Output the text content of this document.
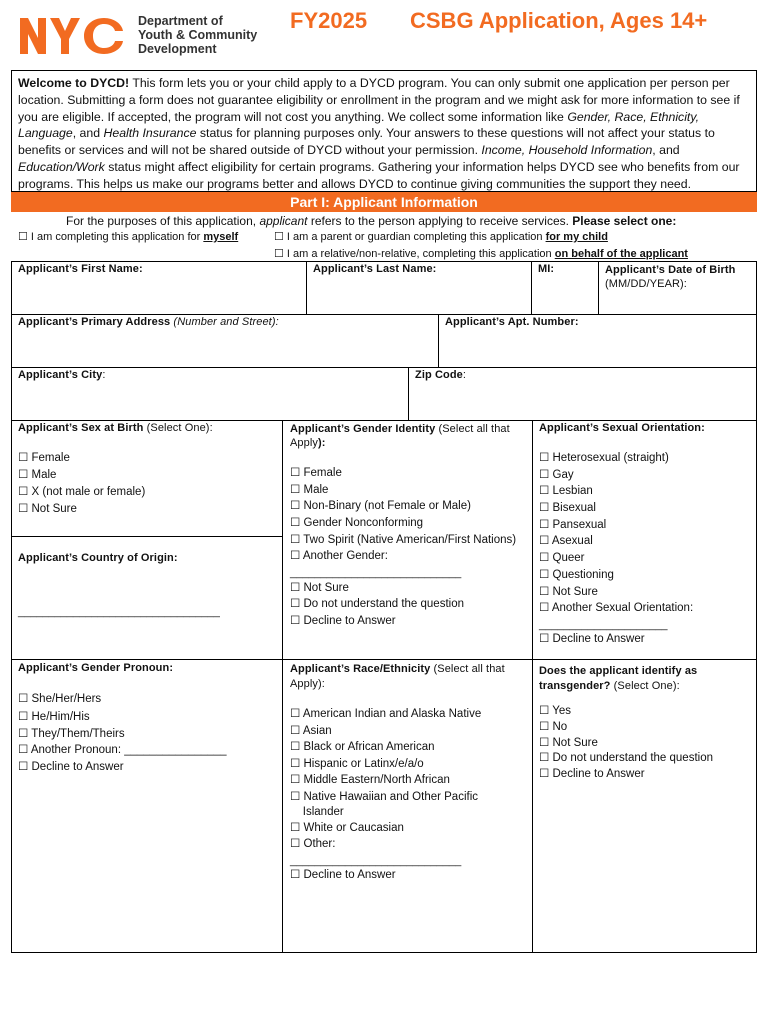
Department of
Youth & Community
Development
FY2025 CSBG Application, Ages 14+
Welcome to DYCD! This form lets you or your child apply to a DYCD program. You can only submit one application per person per location. Submitting a form does not guarantee eligibility or enrollment in the program and we might ask for more information to see if you are eligible. If accepted, the program will not cost you anything. We collect some information like Gender, Race, Ethnicity, Language, and Health Insurance status for planning purposes only. Your answers to these questions will not affect your status to benefits or services and will not be shared outside of DYCD without your permission. Income, Household Information, and Education/Work status might affect eligibility for certain programs. Gathering your information helps DYCD see who benefits from our programs. This helps us make our programs better and allows DYCD to continue giving communities the support they need.
Part I: Applicant Information
For the purposes of this application, applicant refers to the person applying to receive services. Please select one:
☐ I am completing this application for myself	☐ I am a parent or guardian completing this application for my child
☐ I am a relative/non-relative, completing this application on behalf of the applicant
Applicant’s First Name:	Applicant’s Last Name:	MI:	Applicant’s Date of Birth
(MM/DD/YEAR):
Applicant’s Primary Address (Number and Street):	Applicant’s Apt. Number:
Applicant’s City:	Zip Code:
Applicant’s Sex at Birth (Select One):
☐ Female
☐ Male
☐ X (not male or female)
☐ Not Sure
Applicant’s Country of Origin:
_________________________________
Applicant’s Gender Identity (Select all that
Apply):
☐ Female
☐ Male
☐ Non-Binary (not Female or Male)
☐ Gender Nonconforming
☐ Two Spirit (Native American/First Nations)
☐ Another Gender:
____________________________
☐ Not Sure
☐ Do not understand the question
☐ Decline to Answer
Applicant’s Sexual Orientation:
☐ Heterosexual (straight)
☐ Gay
☐ Lesbian
☐ Bisexual
☐ Pansexual
☐ Asexual
☐ Queer
☐ Questioning
☐ Not Sure
☐ Another Sexual Orientation:
_____________________
☐ Decline to Answer
Applicant’s Gender Pronoun:
☐ She/Her/Hers
☐ He/Him/His
☐ They/Them/Theirs
☐ Another Pronoun: ________________
☐ Decline to Answer
Applicant’s Race/Ethnicity (Select all that
Apply):
☐ American Indian and Alaska Native
☐ Asian
☐ Black or African American
☐ Hispanic or Latinx/e/a/o
☐ Middle Eastern/North African
☐ Native Hawaiian and Other Pacific
Islander
☐ White or Caucasian
☐ Other:
____________________________
☐ Decline to Answer
Does the applicant identify as
transgender? (Select One):
☐ Yes
☐ No
☐ Not Sure
☐ Do not understand the question
☐ Decline to Answer
